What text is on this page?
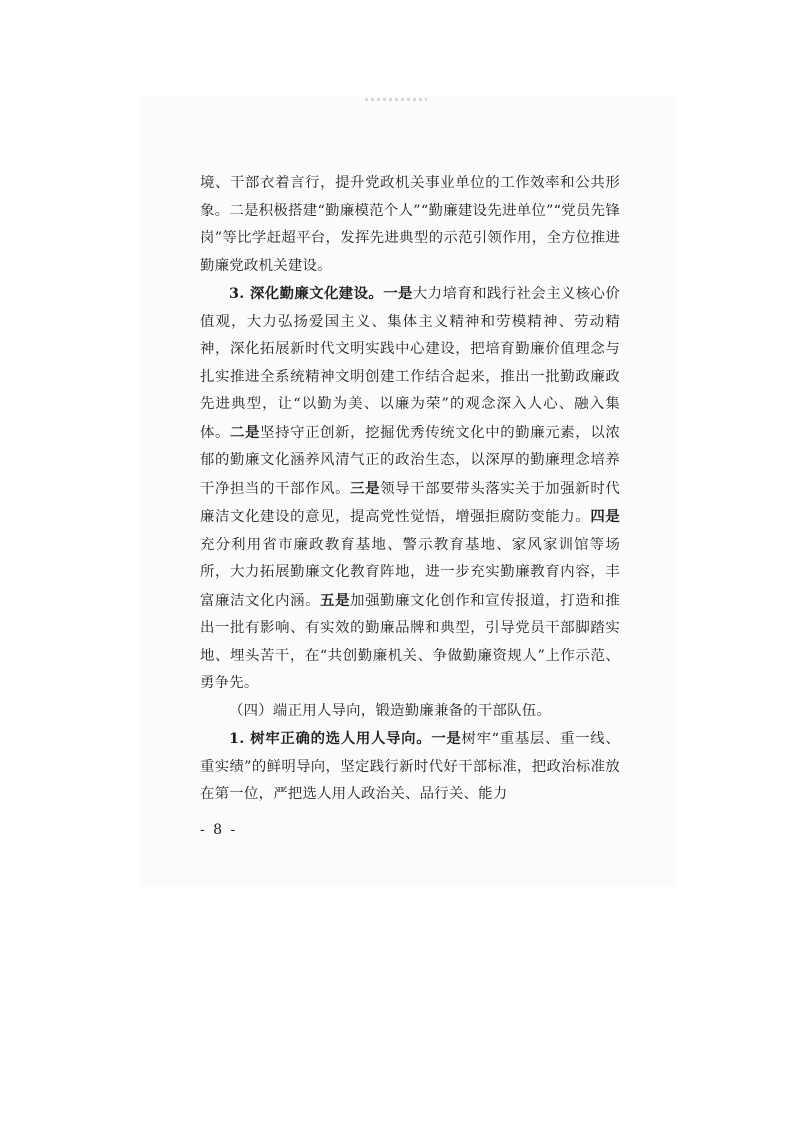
境、干部衣着言行，提升党政机关事业单位的工作效率和公共形象。二是积极搭建“勤廉模范个人”“勤廉建设先进单位”“党员先锋岗”等比学赶超平台，发挥先进典型的示范引领作用，全方位推进勤廉党政机关建设。

3. 深化勤廉文化建设。一是大力培育和践行社会主义核心价值观，大力弘扬爱国主义、集体主义精神和劳模精神、劳动精神，深化拓展新时代文明实践中心建设，把培育勤廉价值理念与扎实推进全系统精神文明创建工作结合起来，推出一批勤政廉政先进典型，让“以勤为美、以廉为荣”的观念深入人心、融入集体。二是坚持守正创新，挖掘优秀传统文化中的勤廉元素，以浓郁的勤廉文化涵养风清气正的政治生态，以深厚的勤廉理念培养干净担当的干部作风。三是领导干部要带头落实关于加强新时代廉洁文化建设的意见，提高党性觉悟，增强拒腐防变能力。四是充分利用省市廉政教育基地、警示教育基地、家风家训馆等场所，大力拓展勤廉文化教育阵地，进一步充实勤廉教育内容，丰富廉洁文化内涵。五是加强勤廉文化创作和宣传报道，打造和推出一批有影响、有实效的勤廉品牌和典型，引导党员干部脚踏实地、埋头苦干，在“共创勤廉机关、争做勤廉资规人”上作示范、勇争先。

（四）端正用人导向，锻造勤廉兼备的干部队伍。

1. 树牢正确的选人用人导向。一是树牢“重基层、重一线、重实绩”的鲜明导向，坚定践行新时代好干部标准，把政治标准放在第一位，严把选人用人政治关、品行关、能力

- 8 -
